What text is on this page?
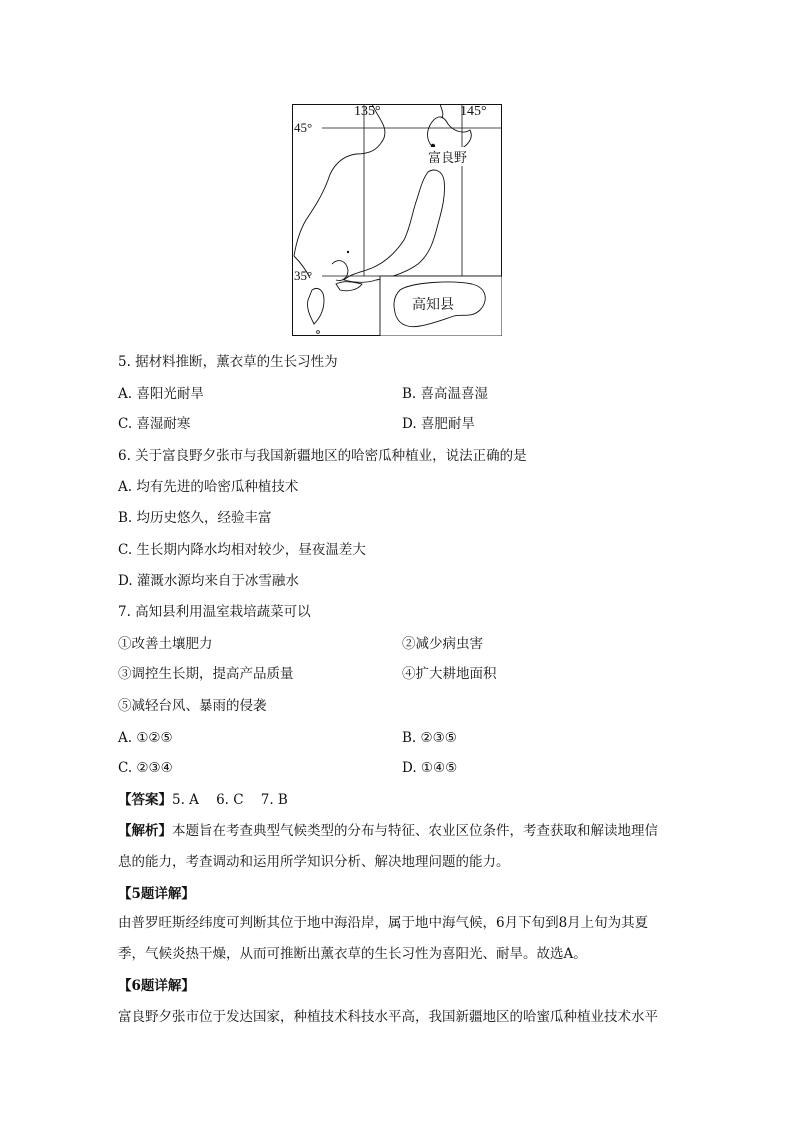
135°	145°
45°
35°
富良野
高知县
5. 据材料推断，薰衣草的生长习性为
A. 喜阳光耐旱	B. 喜高温喜湿
C. 喜湿耐寒	D. 喜肥耐旱
6. 关于富良野夕张市与我国新疆地区的哈密瓜种植业，说法正确的是
A. 均有先进的哈密瓜种植技术
B. 均历史悠久，经验丰富
C. 生长期内降水均相对较少，昼夜温差大
D. 灌溉水源均来自于冰雪融水
7. 高知县利用温室栽培蔬菜可以
①改善土壤肥力	②减少病虫害
③调控生长期，提高产品质量	④扩大耕地面积
⑤减轻台风、暴雨的侵袭
A. ①②⑤	B. ②③⑤
C. ②③④	D. ①④⑤
【答案】5. A    6. C    7. B
【解析】本题旨在考查典型气候类型的分布与特征、农业区位条件，考查获取和解读地理信
息的能力，考查调动和运用所学知识分析、解决地理问题的能力。
【5题详解】
由普罗旺斯经纬度可判断其位于地中海沿岸，属于地中海气候，6月下旬到8月上旬为其夏
季，气候炎热干燥，从而可推断出薰衣草的生长习性为喜阳光、耐旱。故选A。
【6题详解】
富良野夕张市位于发达国家，种植技术科技水平高，我国新疆地区的哈蜜瓜种植业技术水平
